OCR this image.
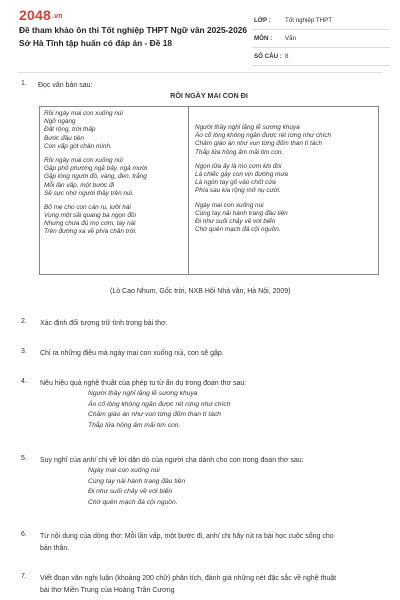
2048.vn
Đề tham khảo ôn thi Tốt nghiệp THPT Ngữ văn 2025-2026
Sở Hà Tĩnh tập huấn có đáp án - Đề 18
LỚP : Tốt nghiệp THPT
MÔN : Văn
SỐ CÂU : 8
1. Đọc văn bản sau:
RỒI NGÀY MAI CON ĐI
Rồi ngày mai con xuống núi
Ngỡ ngàng
Đất rộng, trời thấp
Bước đầu tiên
Con vấp gót chân mình.
Rồi ngày mai con xuống núi
Gặp phố phường ngả bảy, ngả mười
Gặp lòng người đỏ, vàng, đen, trắng
Mỗi lần vấp, một bước đi
Sẽ sực nhớ người thầy trên núi.
Bố mẹ cho con cán rụ, lưỡi hái
Vung một sải quang ba ngọn đồi
Nhưng chưa đủ mọ cơm, tay nải
Trên đường xa về phía chân trời.
Người thầy nghỉ lặng lẽ sương khuya
Áo cố lòng không ngăn được rét rừng như chích
Chăm giáo án như vun từng đốm than tí tách
Thắp lửa hồng ấm mãi tim con.
Ngọn lửa ấy là mo cơm khi đói
Là chiếc gậy con vịn đường mưa
Là ngón tay gõ vào chốt cửa
Phía sau kia rộng mở nụ cười.
Ngày mai con xuống núi
Cùng tay nải hành trang đầu tiên
Đi như suối chảy về với biển
Chớ quên mạch đá cội nguồn.
(Lò Cao Nhum, Gốc trời, NXB Hội Nhà văn, Hà Nội, 2009)
2. Xác định đối tượng trữ tình trong bài thơ.
3. Chỉ ra những điều mà ngày mai con xuống núi, con sẽ gặp.
4. Nêu hiệu quả nghệ thuật của phép tu từ ẩn dụ trong đoạn thơ sau:
Người thầy nghỉ lặng lẽ sương khuya
Áo cố lòng không ngăn được rét rừng như chích
Chăm giáo án như vun từng đốm than tí tách
Thắp lửa hồng ấm mãi tim con.
5. Suy nghĩ của anh/ chị về lời dặn dò của người cha dành cho con trong đoạn thơ sau:
Ngày mai con xuống núi
Cùng tay nải hành trang đầu tiên
Đi như suối chảy về với biển
Chớ quên mạch đá cội nguồn.
6. Từ nội dung của dòng thơ: Mỗi lần vấp, một bước đi, anh/ chị hãy rút ra bài học cuộc sống cho
bản thân.
7. Viết đoạn văn nghị luận (khoảng 200 chữ) phân tích, đánh giá những nét đặc sắc về nghệ thuật
bài thơ Miền Trung của Hoàng Trần Cương
